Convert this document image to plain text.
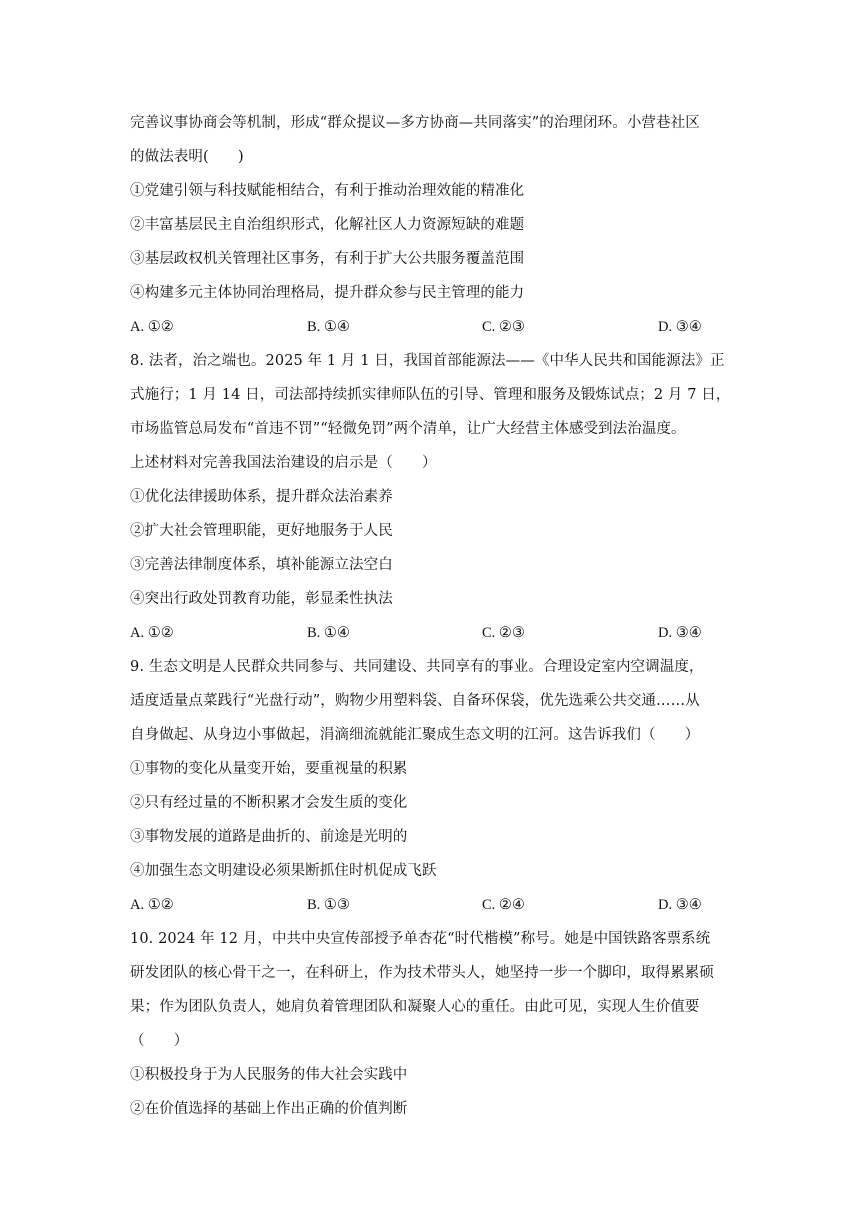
完善议事协商会等机制，形成“群众提议—多方协商—共同落实”的治理闭环。小营巷社区
的做法表明(　　)
①党建引领与科技赋能相结合，有利于推动治理效能的精准化
②丰富基层民主自治组织形式，化解社区人力资源短缺的难题
③基层政权机关管理社区事务，有利于扩大公共服务覆盖范围
④构建多元主体协同治理格局，提升群众参与民主管理的能力
A. ①②	B. ①④	C. ②③	D. ③④
8. 法者，治之端也。2025 年 1 月 1 日，我国首部能源法——《中华人民共和国能源法》正
式施行；1 月 14 日，司法部持续抓实律师队伍的引导、管理和服务及锻炼试点；2 月 7 日，
市场监管总局发布“首违不罚”“轻微免罚”两个清单，让广大经营主体感受到法治温度。
上述材料对完善我国法治建设的启示是（　　）
①优化法律援助体系，提升群众法治素养
②扩大社会管理职能，更好地服务于人民
③完善法律制度体系，填补能源立法空白
④突出行政处罚教育功能，彰显柔性执法
A. ①②	B. ①④	C. ②③	D. ③④
9. 生态文明是人民群众共同参与、共同建设、共同享有的事业。合理设定室内空调温度，
适度适量点菜践行“光盘行动”，购物少用塑料袋、自备环保袋，优先选乘公共交通……从
自身做起、从身边小事做起，涓滴细流就能汇聚成生态文明的江河。这告诉我们（　　）
①事物的变化从量变开始，要重视量的积累
②只有经过量的不断积累才会发生质的变化
③事物发展的道路是曲折的、前途是光明的
④加强生态文明建设必须果断抓住时机促成飞跃
A. ①②	B. ①③	C. ②④	D. ③④
10. 2024 年 12 月，中共中央宣传部授予单杏花“时代楷模”称号。她是中国铁路客票系统
研发团队的核心骨干之一，在科研上，作为技术带头人，她坚持一步一个脚印，取得累累硕
果；作为团队负责人，她肩负着管理团队和凝聚人心的重任。由此可见，实现人生价值要
（　　）
①积极投身于为人民服务的伟大社会实践中
②在价值选择的基础上作出正确的价值判断
